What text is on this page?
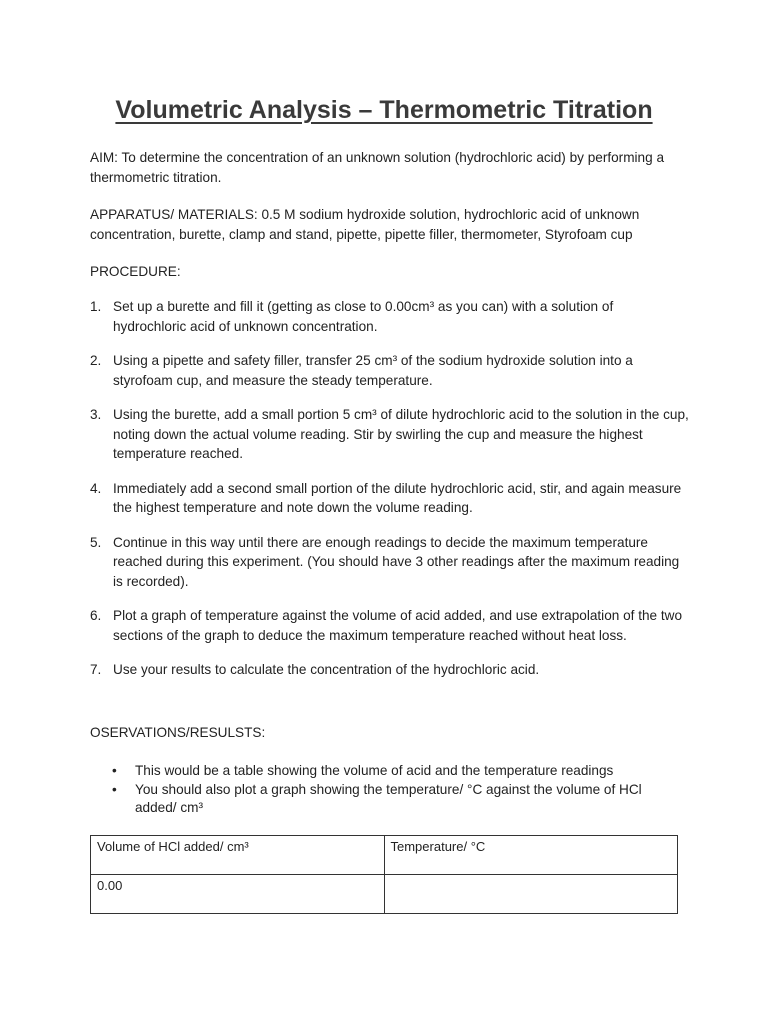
Volumetric Analysis – Thermometric Titration

AIM: To determine the concentration of an unknown solution (hydrochloric acid) by performing a thermometric titration.

APPARATUS/ MATERIALS: 0.5 M sodium hydroxide solution, hydrochloric acid of unknown concentration, burette, clamp and stand, pipette, pipette filler, thermometer, Styrofoam cup

PROCEDURE:

1. Set up a burette and fill it (getting as close to 0.00cm³ as you can) with a solution of hydrochloric acid of unknown concentration.
2. Using a pipette and safety filler, transfer 25 cm³ of the sodium hydroxide solution into a styrofoam cup, and measure the steady temperature.
3. Using the burette, add a small portion 5 cm³ of dilute hydrochloric acid to the solution in the cup, noting down the actual volume reading. Stir by swirling the cup and measure the highest temperature reached.
4. Immediately add a second small portion of the dilute hydrochloric acid, stir, and again measure the highest temperature and note down the volume reading.
5. Continue in this way until there are enough readings to decide the maximum temperature reached during this experiment. (You should have 3 other readings after the maximum reading is recorded).
6. Plot a graph of temperature against the volume of acid added, and use extrapolation of the two sections of the graph to deduce the maximum temperature reached without heat loss.
7. Use your results to calculate the concentration of the hydrochloric acid.

OSERVATIONS/RESULSTS:

• This would be a table showing the volume of acid and the temperature readings
• You should also plot a graph showing the temperature/ °C against the volume of HCl added/ cm³
Volume of HCl added/ cm³	Temperature/ °C
0.00	
